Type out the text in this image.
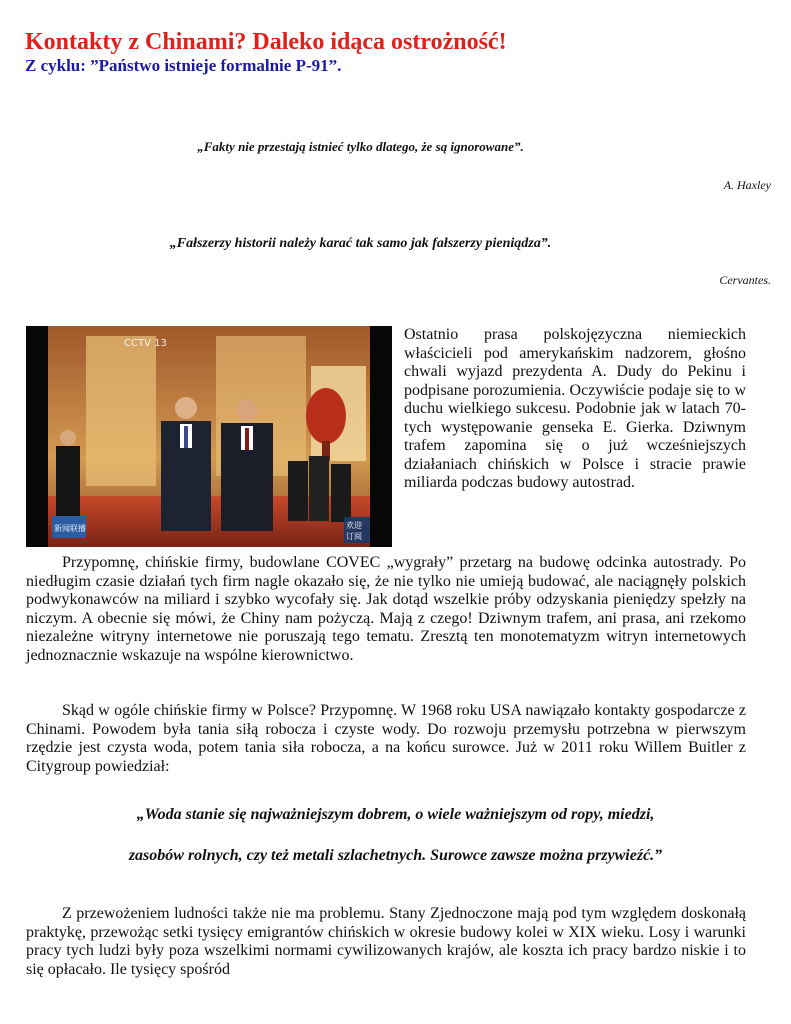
Kontakty z Chinami? Daleko idąca ostrożność!

Z cyklu: ”Państwo istnieje formalnie P-91”.

„Fakty nie przestają istnieć tylko dlatego, że są ignorowane”.
A. Haxley
„Fałszerzy historii należy karać tak samo jak fałszerzy pieniądza”.
Cervantes.
CCTV 13
新闻联播	欢迎
订阅
Ostatnio prasa polskojęzyczna niemieckich właścicieli pod amerykańskim nadzorem, głośno chwali wyjazd prezydenta A. Dudy do Pekinu i podpisane porozumienia. Oczywiście podaje się to w duchu wielkiego sukcesu. Podobnie jak w latach 70-tych występowanie genseka E. Gierka. Dziwnym trafem zapomina się o już wcześniejszych działaniach chińskich w Polsce i stracie prawie miliarda podczas budowy autostrad.

Przypomnę, chińskie firmy, budowlane COVEC „wygrały” przetarg na budowę odcinka autostrady. Po niedługim czasie działań tych firm nagle okazało się, że nie tylko nie umieją budować, ale naciągnęły polskich podwykonawców na miliard i szybko wycofały się. Jak dotąd wszelkie próby odzyskania pieniędzy spełzły na niczym. A obecnie się mówi, że Chiny nam pożyczą. Mają z czego! Dziwnym trafem, ani prasa, ani rzekomo niezależne witryny internetowe nie poruszają tego tematu. Zresztą ten monotematyzm witryn internetowych jednoznacznie wskazuje na wspólne kierownictwo.

Skąd w ogóle chińskie firmy w Polsce? Przypomnę. W 1968 roku USA nawiązało kontakty gospodarcze z Chinami. Powodem była tania siłą robocza i czyste wody. Do rozwoju przemysłu potrzebna w pierwszym rzędzie jest czysta woda, potem tania siła robocza, a na końcu surowce. Już w 2011 roku Willem Buitler z Citygroup powiedział:

„Woda stanie się najważniejszym dobrem, o wiele ważniejszym od ropy, miedzi,
zasobów rolnych, czy też metali szlachetnych. Surowce zawsze można przywieźć.”

Z przewożeniem ludności także nie ma problemu. Stany Zjednoczone mają pod tym względem doskonałą praktykę, przewożąc setki tysięcy emigrantów chińskich w okresie budowy kolei w XIX wieku. Losy i warunki pracy tych ludzi były poza wszelkimi normami cywilizowanych krajów, ale koszta ich pracy bardzo niskie i to się opłacało. Ile tysięcy spośród
